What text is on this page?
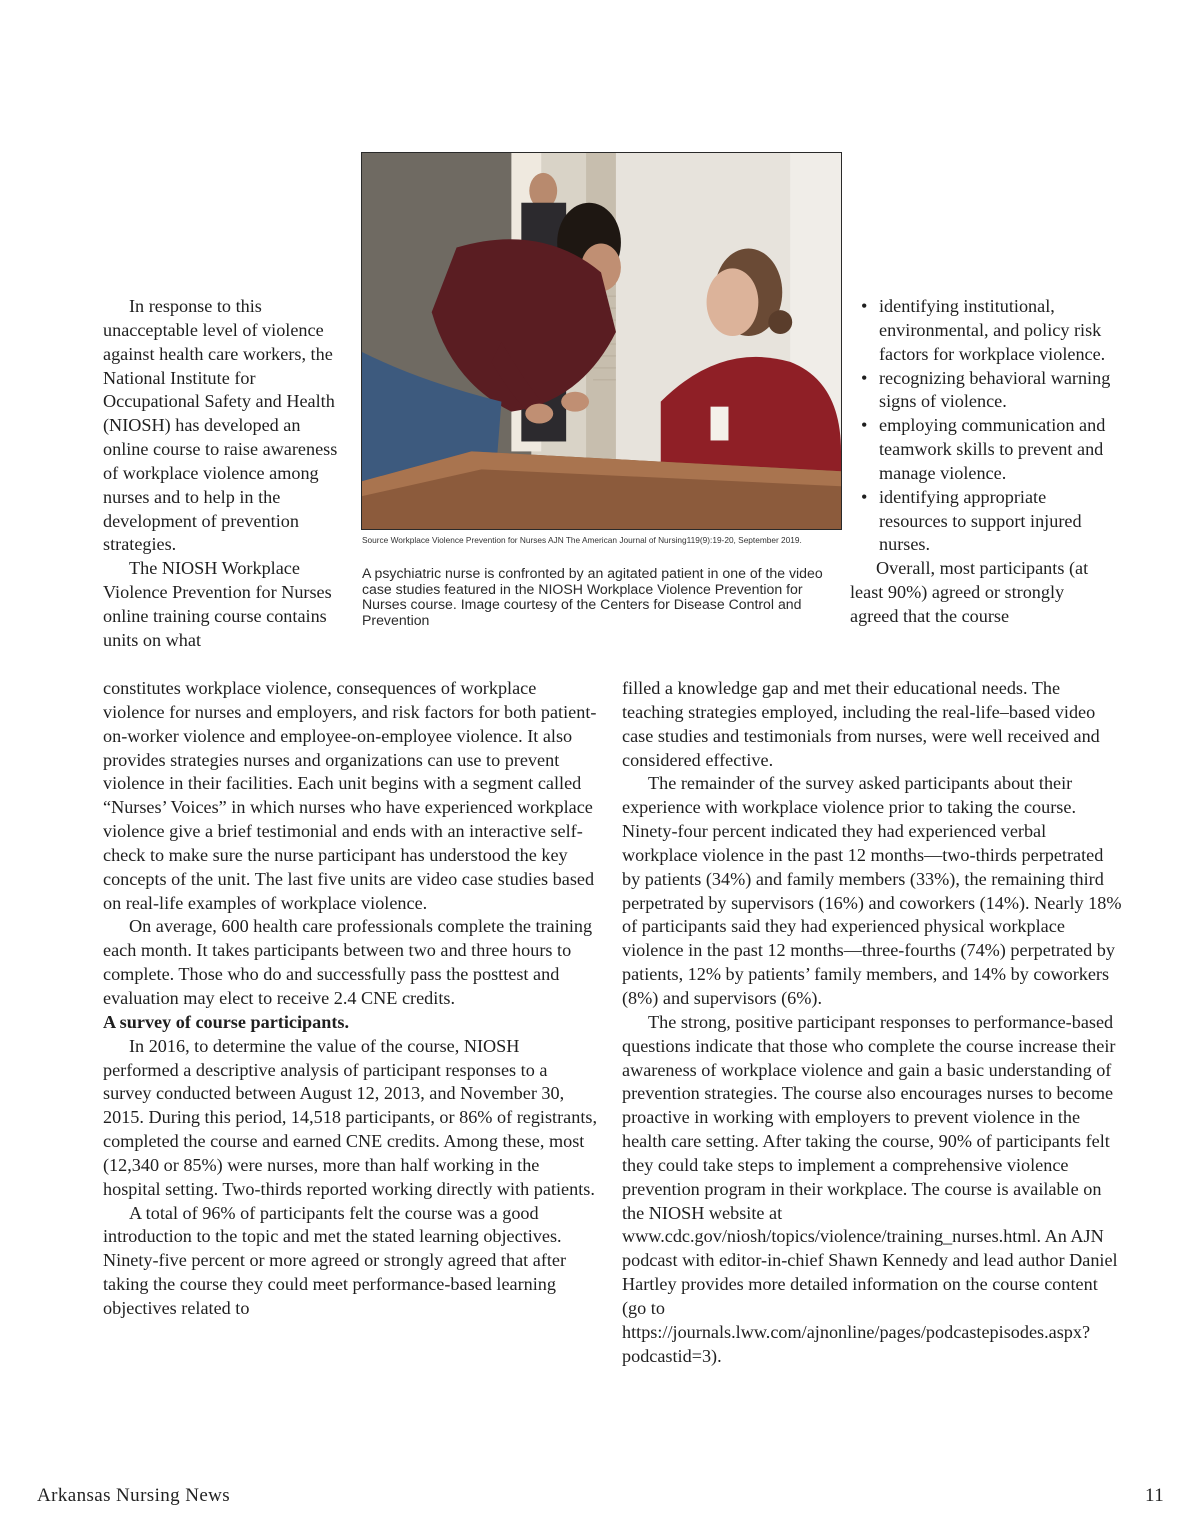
Source Workplace Violence Prevention for Nurses AJN The American Journal of Nursing119(9):19-20, September 2019.
A psychiatric nurse is confronted by an agitated patient in one of the video case studies featured in the NIOSH Workplace Violence Prevention for Nurses course. Image courtesy of the Centers for Disease Control and Prevention

In response to this unacceptable level of violence against health care workers, the National Institute for Occupational Safety and Health (NIOSH) has developed an online course to raise awareness of workplace violence among nurses and to help in the development of prevention strategies.

The NIOSH Workplace Violence Prevention for Nurses online training course contains units on what

• identifying institutional, environmental, and policy risk factors for workplace violence.
• recognizing behavioral warning signs of violence.
• employing communication and teamwork skills to prevent and manage violence.
• identifying appropriate resources to support injured nurses.

Overall, most participants (at least 90%) agreed or strongly agreed that the course

constitutes workplace violence, consequences of workplace violence for nurses and employers, and risk factors for both patient-on-worker violence and employee-on-employee violence. It also provides strategies nurses and organizations can use to prevent violence in their facilities. Each unit begins with a segment called “Nurses’ Voices” in which nurses who have experienced workplace violence give a brief testimonial and ends with an interactive self-check to make sure the nurse participant has understood the key concepts of the unit. The last five units are video case studies based on real-life examples of workplace violence.

On average, 600 health care professionals complete the training each month. It takes participants between two and three hours to complete. Those who do and successfully pass the posttest and evaluation may elect to receive 2.4 CNE credits.

A survey of course participants.

In 2016, to determine the value of the course, NIOSH performed a descriptive analysis of participant responses to a survey conducted between August 12, 2013, and November 30, 2015. During this period, 14,518 participants, or 86% of registrants, completed the course and earned CNE credits. Among these, most (12,340 or 85%) were nurses, more than half working in the hospital setting. Two-thirds reported working directly with patients.

A total of 96% of participants felt the course was a good introduction to the topic and met the stated learning objectives. Ninety-five percent or more agreed or strongly agreed that after taking the course they could meet performance-based learning objectives related to

filled a knowledge gap and met their educational needs. The teaching strategies employed, including the real-life–based video case studies and testimonials from nurses, were well received and considered effective.

The remainder of the survey asked participants about their experience with workplace violence prior to taking the course. Ninety-four percent indicated they had experienced verbal workplace violence in the past 12 months—two-thirds perpetrated by patients (34%) and family members (33%), the remaining third perpetrated by supervisors (16%) and coworkers (14%). Nearly 18% of participants said they had experienced physical workplace violence in the past 12 months—three-fourths (74%) perpetrated by patients, 12% by patients’ family members, and 14% by coworkers (8%) and supervisors (6%).

The strong, positive participant responses to performance-based questions indicate that those who complete the course increase their awareness of workplace violence and gain a basic understanding of prevention strategies. The course also encourages nurses to become proactive in working with employers to prevent violence in the health care setting. After taking the course, 90% of participants felt they could take steps to implement a comprehensive violence prevention program in their workplace. The course is available on the NIOSH website at www.cdc.gov/niosh/topics/violence/training_nurses.html. An AJN podcast with editor-in-chief Shawn Kennedy and lead author Daniel Hartley provides more detailed information on the course content (go to https://journals.lww.com/ajnonline/pages/podcastepisodes.aspx?podcastid=3).

Arkansas Nursing News	11
